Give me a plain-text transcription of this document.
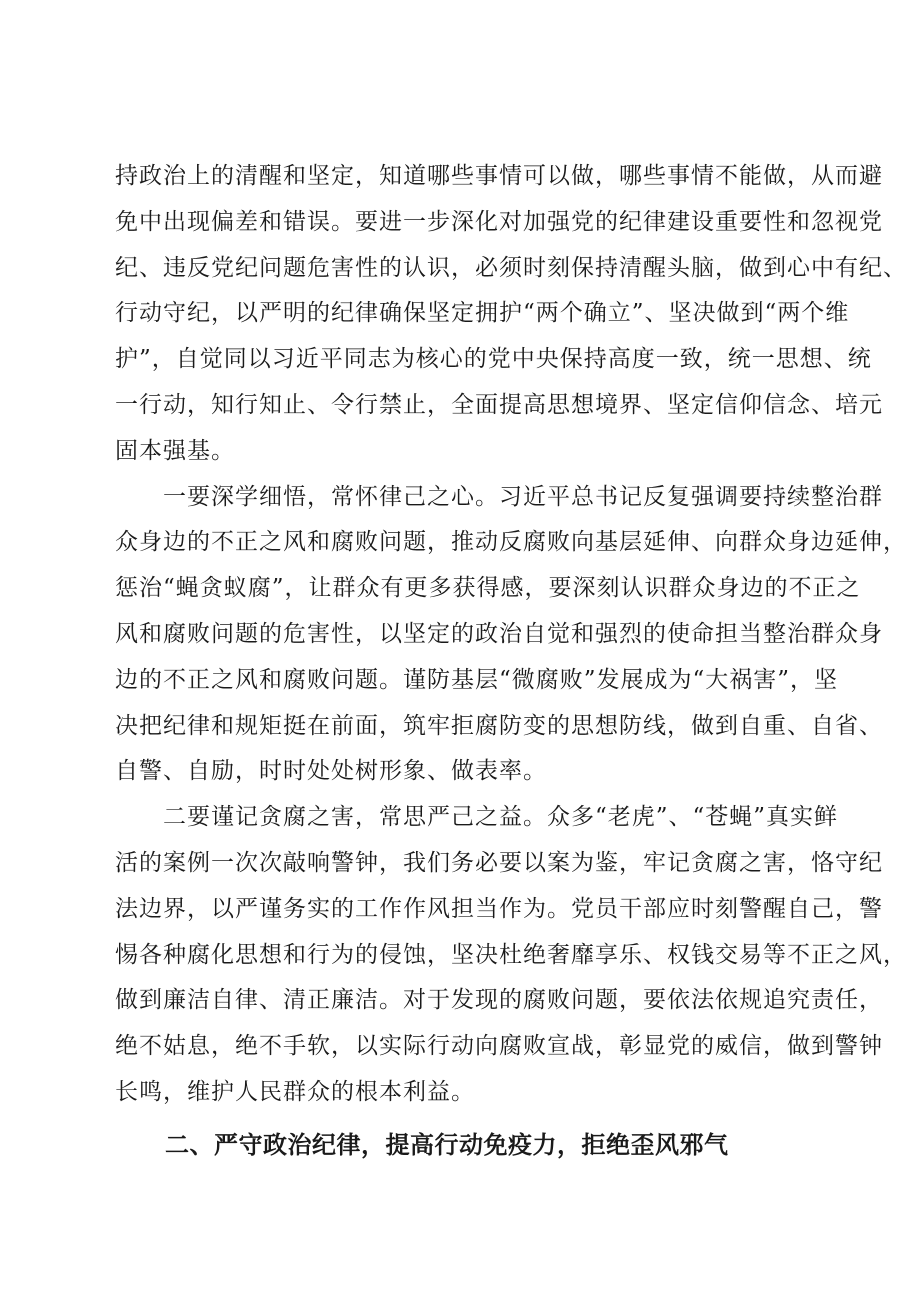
持政治上的清醒和坚定，知道哪些事情可以做，哪些事情不能做，从而避
免中出现偏差和错误。要进一步深化对加强党的纪律建设重要性和忽视党
纪、违反党纪问题危害性的认识，必须时刻保持清醒头脑，做到心中有纪、
行动守纪，以严明的纪律确保坚定拥护“两个确立”、坚决做到“两个维
护”，自觉同以习近平同志为核心的党中央保持高度一致，统一思想、统
一行动，知行知止、令行禁止，全面提高思想境界、坚定信仰信念、培元
固本强基。
一要深学细悟，常怀律己之心。习近平总书记反复强调要持续整治群
众身边的不正之风和腐败问题，推动反腐败向基层延伸、向群众身边延伸，
惩治“蝇贪蚁腐”，让群众有更多获得感，要深刻认识群众身边的不正之
风和腐败问题的危害性，以坚定的政治自觉和强烈的使命担当整治群众身
边的不正之风和腐败问题。谨防基层“微腐败”发展成为“大祸害”，坚
决把纪律和规矩挺在前面，筑牢拒腐防变的思想防线，做到自重、自省、
自警、自励，时时处处树形象、做表率。
二要谨记贪腐之害，常思严己之益。众多“老虎”、“苍蝇”真实鲜
活的案例一次次敲响警钟，我们务必要以案为鉴，牢记贪腐之害，恪守纪
法边界，以严谨务实的工作作风担当作为。党员干部应时刻警醒自己，警
惕各种腐化思想和行为的侵蚀，坚决杜绝奢靡享乐、权钱交易等不正之风，
做到廉洁自律、清正廉洁。对于发现的腐败问题，要依法依规追究责任，
绝不姑息，绝不手软，以实际行动向腐败宣战，彰显党的威信，做到警钟
长鸣，维护人民群众的根本利益。
二、严守政治纪律，提高行动免疫力，拒绝歪风邪气
